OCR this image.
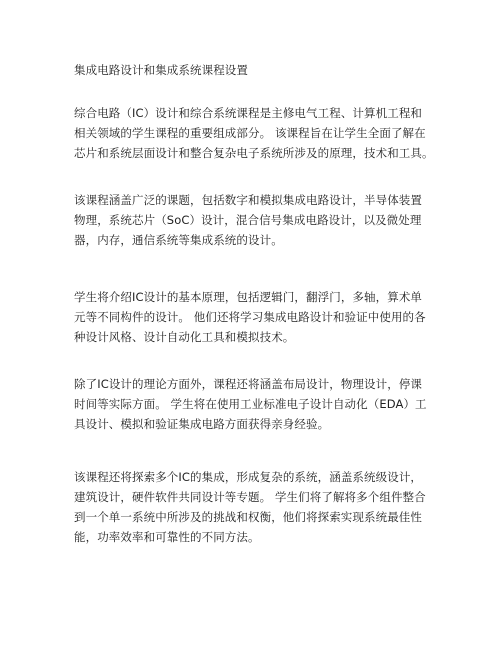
集成电路设计和集成系统课程设置
综合电路（IC）设计和综合系统课程是主修电气工程、计算机工程和
相关领域的学生课程的重要组成部分。 该课程旨在让学生全面了解在
芯片和系统层面设计和整合复杂电子系统所涉及的原理，技术和工具。
该课程涵盖广泛的课题，包括数字和模拟集成电路设计，半导体装置
物理，系统芯片（SoC）设计，混合信号集成电路设计，以及微处理
器，内存，通信系统等集成系统的设计。
学生将介绍IC设计的基本原理，包括逻辑门，翻浮门，多轴，算术单
元等不同构件的设计。 他们还将学习集成电路设计和验证中使用的各
种设计风格、设计自动化工具和模拟技术。
除了IC设计的理论方面外，课程还将涵盖布局设计，物理设计，停课
时间等实际方面。 学生将在使用工业标准电子设计自动化（EDA）工
具设计、模拟和验证集成电路方面获得亲身经验。
该课程还将探索多个IC的集成，形成复杂的系统，涵盖系统级设计，
建筑设计，硬件软件共同设计等专题。 学生们将了解将多个组件整合
到一个单一系统中所涉及的挑战和权衡，他们将探索实现系统最佳性
能，功率效率和可靠性的不同方法。
